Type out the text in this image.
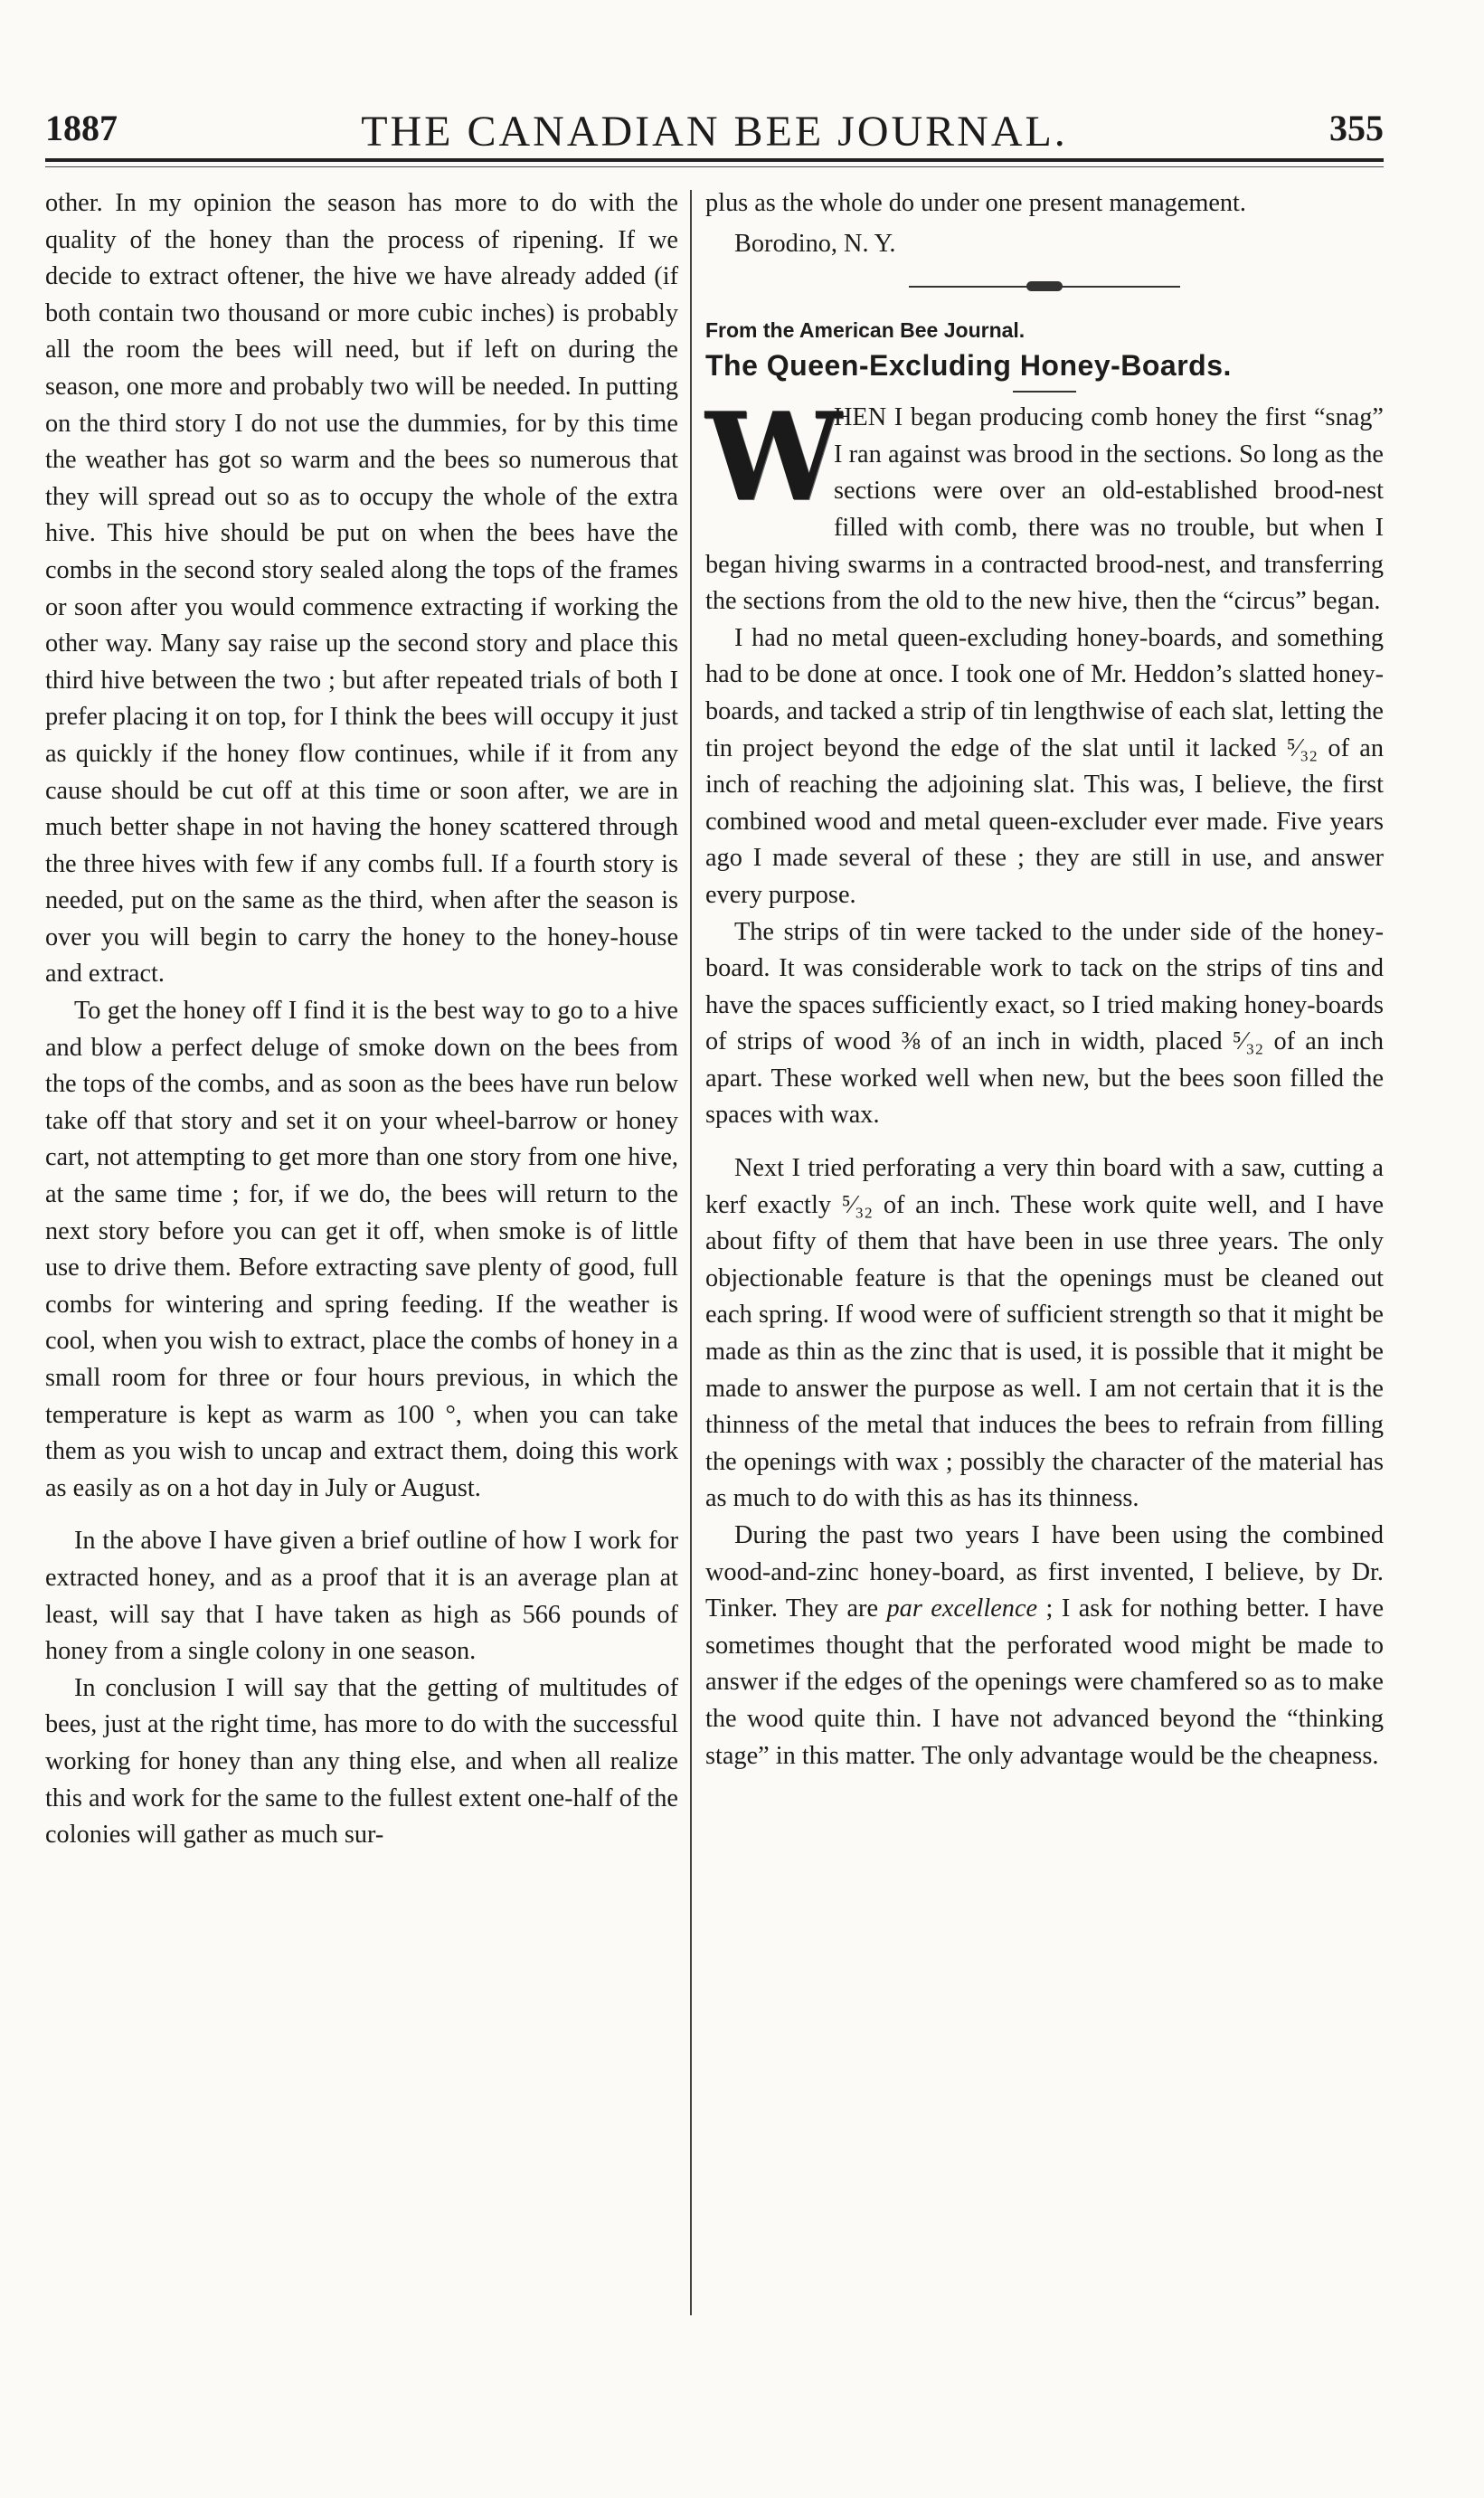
1887	THE CANADIAN BEE JOURNAL.	355

other. In my opinion the season has more to do with the quality of the honey than the process of ripening. If we decide to extract oftener, the hive we have already added (if both contain two thousand or more cubic inches) is probably all the room the bees will need, but if left on during the season, one more and probably two will be needed. In putting on the third story I do not use the dummies, for by this time the weather has got so warm and the bees so numerous that they will spread out so as to occupy the whole of the extra hive. This hive should be put on when the bees have the combs in the second story sealed along the tops of the frames or soon after you would commence extracting if working the other way. Many say raise up the second story and place this third hive between the two ; but after repeated trials of both I prefer placing it on top, for I think the bees will occupy it just as quickly if the honey flow continues, while if it from any cause should be cut off at this time or soon after, we are in much better shape in not having the honey scattered through the three hives with few if any combs full. If a fourth story is needed, put on the same as the third, when after the season is over you will begin to carry the honey to the honey-house and extract.

To get the honey off I find it is the best way to go to a hive and blow a perfect deluge of smoke down on the bees from the tops of the combs, and as soon as the bees have run below take off that story and set it on your wheel-barrow or honey cart, not attempting to get more than one story from one hive, at the same time ; for, if we do, the bees will return to the next story before you can get it off, when smoke is of little use to drive them. Before extracting save plenty of good, full combs for wintering and spring feeding. If the weather is cool, when you wish to extract, place the combs of honey in a small room for three or four hours previous, in which the temperature is kept as warm as 100 °, when you can take them as you wish to uncap and extract them, doing this work as easily as on a hot day in July or August.

In the above I have given a brief outline of how I work for extracted honey, and as a proof that it is an average plan at least, will say that I have taken as high as 566 pounds of honey from a single colony in one season.

In conclusion I will say that the getting of multitudes of bees, just at the right time, has more to do with the successful working for honey than any thing else, and when all realize this and work for the same to the fullest extent one-half of the colonies will gather as much sur-

plus as the whole do under one present management.

Borodino, N. Y.

From the American Bee Journal.

The Queen-Excluding Honey-Boards.

W
HEN I began producing comb honey the first “snag” I ran against was brood in the sections. So long as the sections were over an old-established brood-nest filled with comb, there was no trouble, but when I began hiving swarms in a contracted brood-nest, and transferring the sections from the old to the new hive, then the “circus” began.

I had no metal queen-excluding honey-boards, and something had to be done at once. I took one of Mr. Heddon’s slatted honey-boards, and tacked a strip of tin lengthwise of each slat, letting the tin project beyond the edge of the slat until it lacked ⁵⁄₃₂ of an inch of reaching the adjoining slat. This was, I believe, the first combined wood and metal queen-excluder ever made. Five years ago I made several of these ; they are still in use, and answer every purpose.

The strips of tin were tacked to the under side of the honey-board. It was considerable work to tack on the strips of tins and have the spaces sufficiently exact, so I tried making honey-boards of strips of wood ⅜ of an inch in width, placed ⁵⁄₃₂ of an inch apart. These worked well when new, but the bees soon filled the spaces with wax.

Next I tried perforating a very thin board with a saw, cutting a kerf exactly ⁵⁄₃₂ of an inch. These work quite well, and I have about fifty of them that have been in use three years. The only objectionable feature is that the openings must be cleaned out each spring. If wood were of sufficient strength so that it might be made as thin as the zinc that is used, it is possible that it might be made to answer the purpose as well. I am not certain that it is the thinness of the metal that induces the bees to refrain from filling the openings with wax ; possibly the character of the material has as much to do with this as has its thinness.

During the past two years I have been using the combined wood-and-zinc honey-board, as first invented, I believe, by Dr. Tinker. They are par excellence ; I ask for nothing better. I have sometimes thought that the perforated wood might be made to answer if the edges of the openings were chamfered so as to make the wood quite thin. I have not advanced beyond the “thinking stage” in this matter. The only advantage would be the cheapness.
